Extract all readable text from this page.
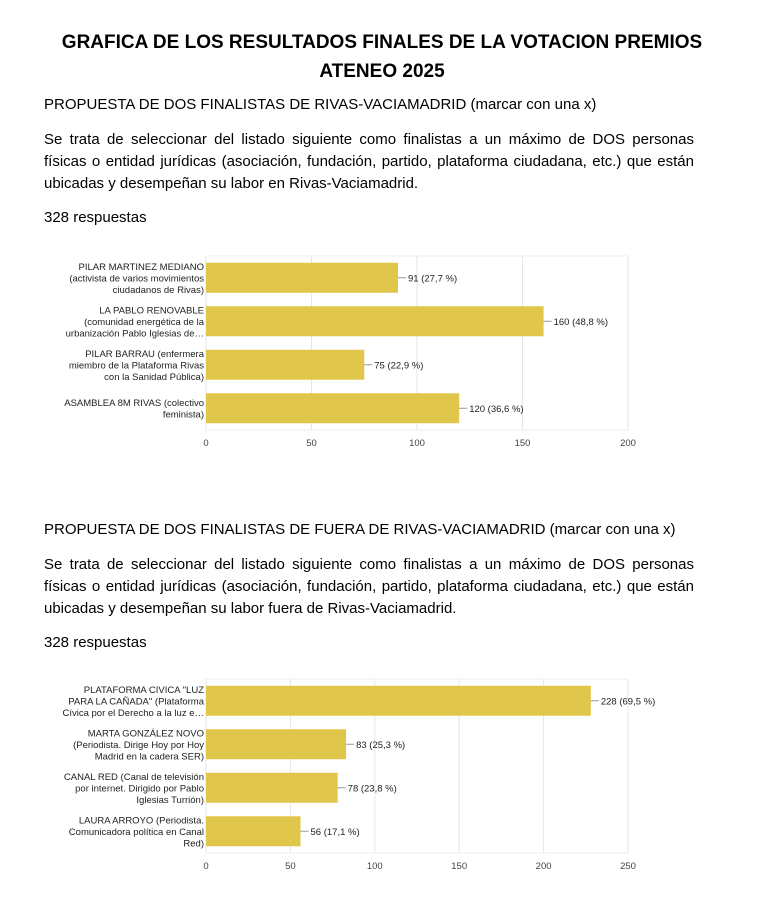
GRAFICA DE LOS RESULTADOS FINALES DE LA VOTACION PREMIOS
ATENEO 2025
PROPUESTA DE DOS FINALISTAS DE RIVAS-VACIAMADRID (marcar con una x)
Se trata de seleccionar del listado siguiente como finalistas a un máximo de DOS personas físicas o entidad jurídicas (asociación, fundación, partido, plataforma ciudadana, etc.) que están ubicadas y desempeñan su labor en Rivas-Vaciamadrid.
328 respuestas
0	50	100	150	200
91 (27,7 %)
PILAR MARTINEZ MEDIANO (activista de varios movimientos ciudadanos de Rivas)
160 (48,8 %)
LA PABLO RENOVABLE (comunidad energética de la urbanización Pablo Iglesias de…
75 (22,9 %)
PILAR BARRAU (enfermera miembro de la Plataforma Rivas con la Sanidad Pública)
120 (36,6 %)
ASAMBLEA 8M RIVAS (colectivo feminista)
PROPUESTA DE DOS FINALISTAS DE FUERA DE RIVAS-VACIAMADRID (marcar con una x)
Se trata de seleccionar del listado siguiente como finalistas a un máximo de DOS personas físicas o entidad jurídicas (asociación, fundación, partido, plataforma ciudadana, etc.) que están ubicadas y desempeñan su labor fuera de Rivas-Vaciamadrid.
328 respuestas
0	50	100	150	200	250
228 (69,5 %)
PLATAFORMA CIVICA "LUZ PARA LA CAÑADA" (Plataforma Cívica por el Derecho a la luz e…
83 (25,3 %)
MARTA GONZÁLEZ NOVO (Periodista. Dirige Hoy por Hoy Madrid en la cadera SER)
78 (23,8 %)
CANAL RED (Canal de televisión por internet. Dirigido por Pablo Iglesias Turrión)
56 (17,1 %)
LAURA ARROYO (Periodista. Comunicadora política en Canal Red)
